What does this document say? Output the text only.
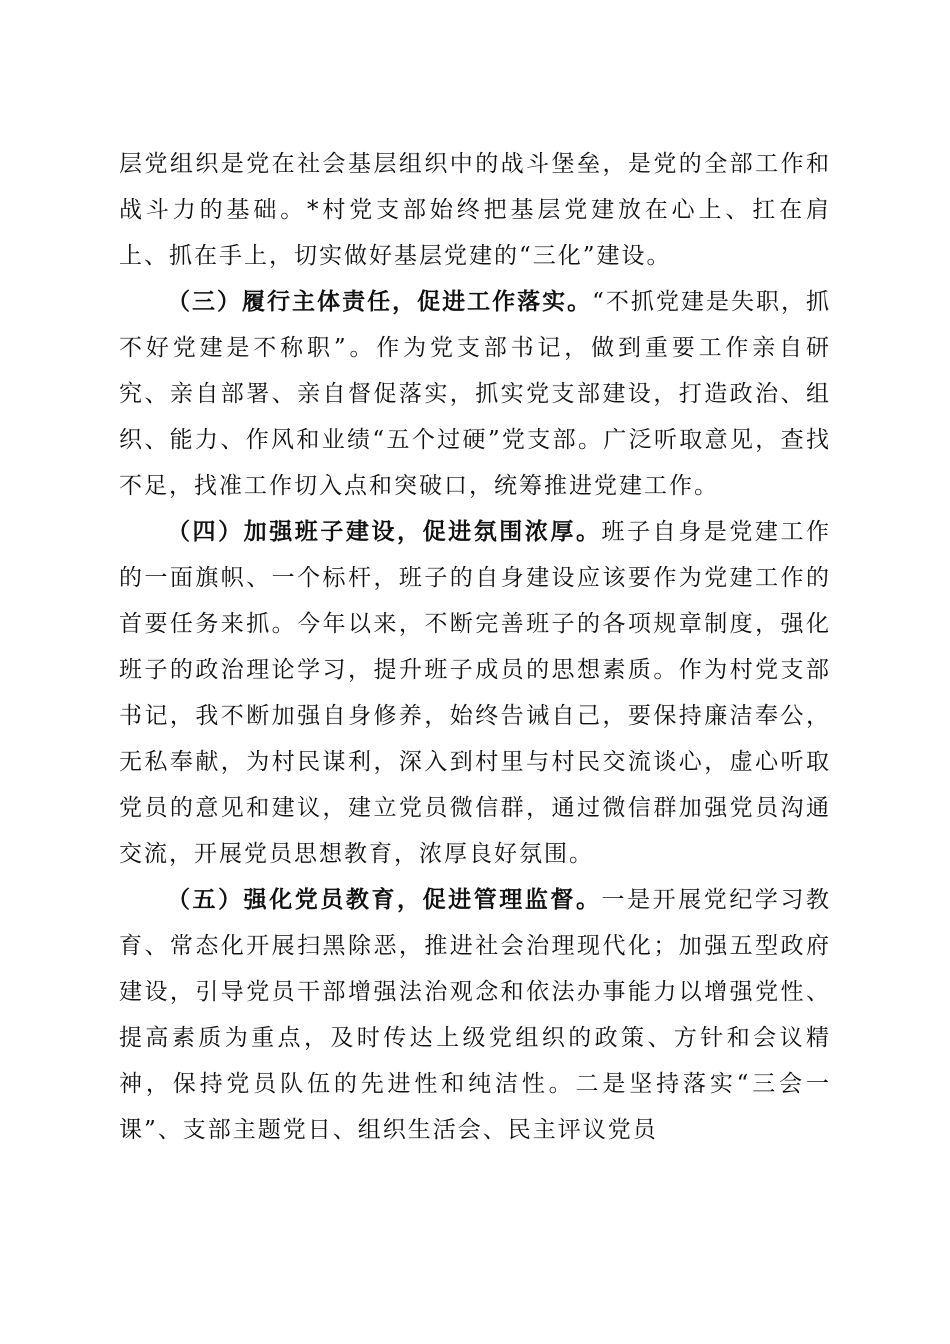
层党组织是党在社会基层组织中的战斗堡垒，是党的全部工作和战斗力的基础。*村党支部始终把基层党建放在心上、扛在肩上、抓在手上，切实做好基层党建的“三化”建设。

（三）履行主体责任，促进工作落实。“不抓党建是失职，抓不好党建是不称职”。作为党支部书记，做到重要工作亲自研究、亲自部署、亲自督促落实，抓实党支部建设，打造政治、组织、能力、作风和业绩“五个过硬”党支部。广泛听取意见，查找不足，找准工作切入点和突破口，统筹推进党建工作。

（四）加强班子建设，促进氛围浓厚。班子自身是党建工作的一面旗帜、一个标杆，班子的自身建设应该要作为党建工作的首要任务来抓。今年以来，不断完善班子的各项规章制度，强化班子的政治理论学习，提升班子成员的思想素质。作为村党支部书记，我不断加强自身修养，始终告诫自己，要保持廉洁奉公，无私奉献，为村民谋利，深入到村里与村民交流谈心，虚心听取党员的意见和建议，建立党员微信群，通过微信群加强党员沟通交流，开展党员思想教育，浓厚良好氛围。

（五）强化党员教育，促进管理监督。一是开展党纪学习教育、常态化开展扫黑除恶，推进社会治理现代化；加强五型政府建设，引导党员干部增强法治观念和依法办事能力以增强党性、提高素质为重点，及时传达上级党组织的政策、方针和会议精神，保持党员队伍的先进性和纯洁性。二是坚持落实“三会一课”、支部主题党日、组织生活会、民主评议党员
